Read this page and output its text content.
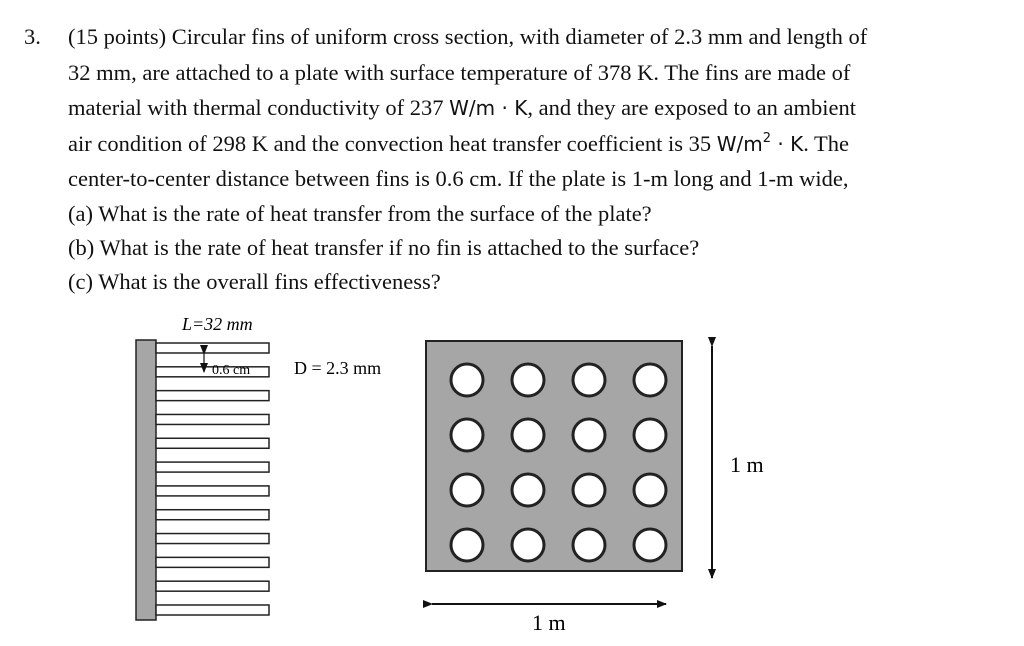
3. (15 points) Circular fins of uniform cross section, with diameter of 2.3 mm and length of
32 mm, are attached to a plate with surface temperature of 378 K. The fins are made of
material with thermal conductivity of 237 W/m · K, and they are exposed to an ambient
air condition of 298 K and the convection heat transfer coefficient is 35 $W/m^2 \cdot K$. The
center-to-center distance between fins is 0.6 cm. If the plate is 1-m long and 1-m wide,
(a) What is the rate of heat transfer from the surface of the plate?
(b) What is the rate of heat transfer if no fin is attached to the surface?
(c) What is the overall fins effectiveness?
L=32 mm
0.6 cm D = 2.3 mm
1 m
1 m
